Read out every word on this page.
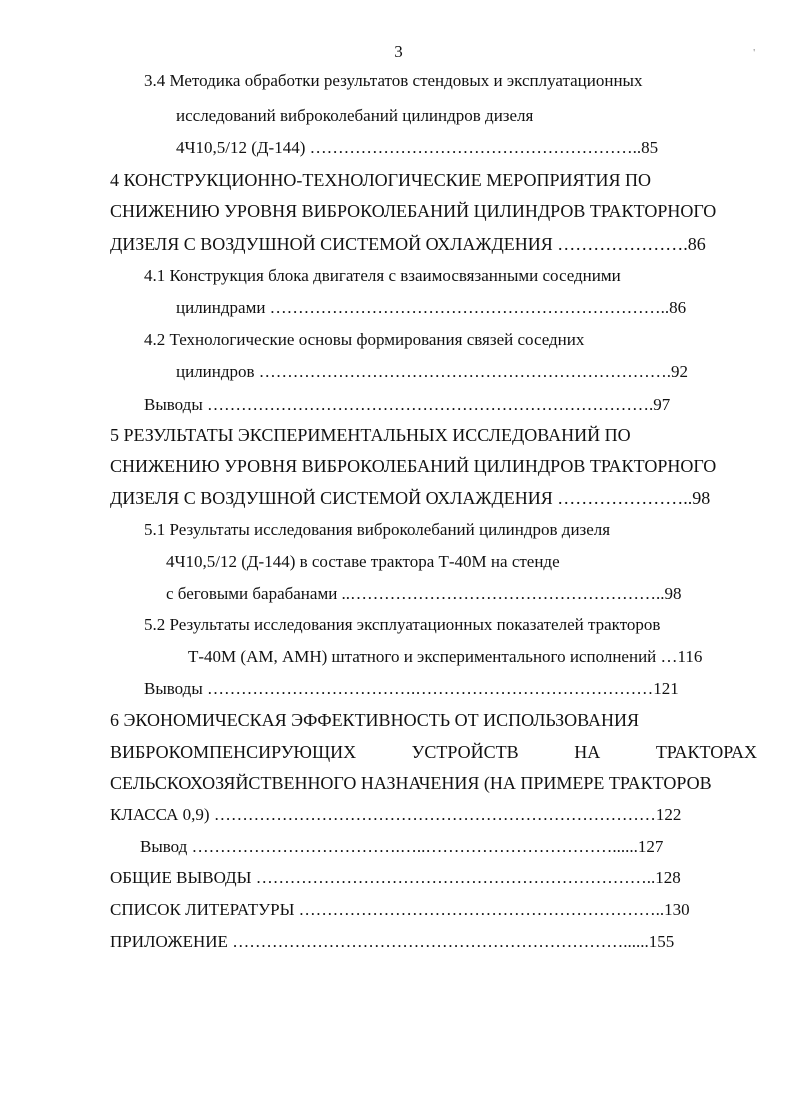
3	'
3.4 Методика обработки результатов стендовых и эксплуатационных
исследований виброколебаний цилиндров дизеля
4Ч10,5/12 (Д-144) …………………………………………………..85
4 КОНСТРУКЦИОННО-ТЕХНОЛОГИЧЕСКИЕ МЕРОПРИЯТИЯ ПО
СНИЖЕНИЮ УРОВНЯ ВИБРОКОЛЕБАНИЙ ЦИЛИНДРОВ ТРАКТОРНОГО
ДИЗЕЛЯ С ВОЗДУШНОЙ СИСТЕМОЙ ОХЛАЖДЕНИЯ ………………….86
4.1 Конструкция блока двигателя с взаимосвязанными соседними
цилиндрами ……………………………………………………………..86
4.2 Технологические основы формирования связей соседних
цилиндров ……………………………………………………………….92
Выводы …………………………………………………………………….97
5 РЕЗУЛЬТАТЫ ЭКСПЕРИМЕНТАЛЬНЫХ ИССЛЕДОВАНИЙ ПО
СНИЖЕНИЮ УРОВНЯ ВИБРОКОЛЕБАНИЙ ЦИЛИНДРОВ ТРАКТОРНОГО
ДИЗЕЛЯ С ВОЗДУШНОЙ СИСТЕМОЙ ОХЛАЖДЕНИЯ …………………..98
5.1 Результаты исследования виброколебаний цилиндров дизеля
4Ч10,5/12 (Д-144) в составе трактора Т-40М на стенде
с беговыми барабанами ..………………………………………………..98
5.2 Результаты исследования эксплуатационных показателей тракторов
Т-40М (АМ, АМН) штатного и экспериментального исполнений …116
Выводы ……………………………….……………………………………121
6 ЭКОНОМИЧЕСКАЯ ЭФФЕКТИВНОСТЬ ОТ ИСПОЛЬЗОВАНИЯ
ВИБРОКОМПЕНСИРУЮЩИХ	УСТРОЙСТВ	НА	ТРАКТОРАХ
СЕЛЬСКОХОЗЯЙСТВЕННОГО НАЗНАЧЕНИЯ (НА ПРИМЕРЕ ТРАКТОРОВ
КЛАССА 0,9) ……………………………………………………………………122
Вывод ……………………………….…..……………………………......127
ОБЩИЕ ВЫВОДЫ ……………………………………………………………..128
СПИСОК ЛИТЕРАТУРЫ ………………………………………………………..130
ПРИЛОЖЕНИЕ ……………………………………………………………......155
